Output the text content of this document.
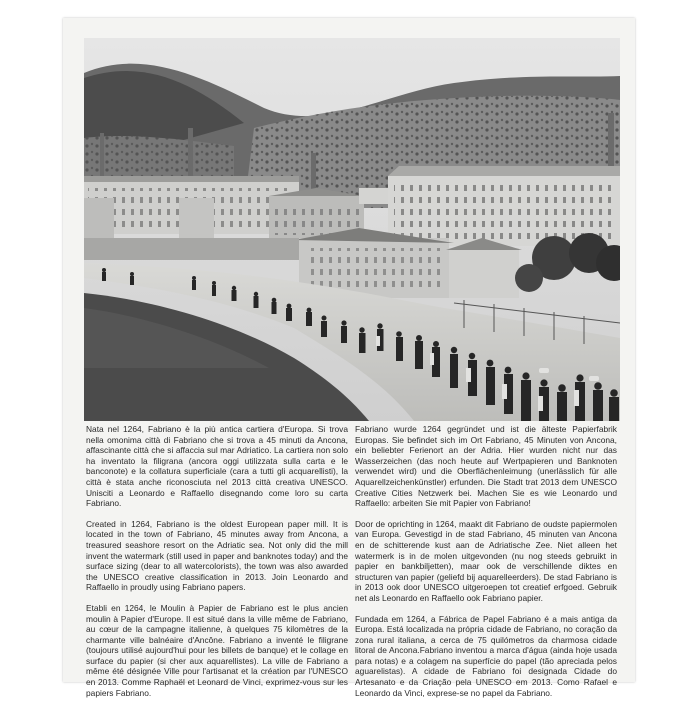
Nata nel 1264, Fabriano è la più antica cartiera d'Europa. Si trova nella omonima città di Fabriano che si trova a 45 minuti da Ancona, affascinante città che si affaccia sul mar Adriatico. La cartiera non solo ha inventato la filigrana (ancora oggi utilizzata sulla carta e le banconote) e la collatura superficiale (cara a tutti gli acquarellisti), la città è stata anche riconosciuta nel 2013 città creativa UNESCO. Unisciti a Leonardo e Raffaello disegnando come loro su carta Fabriano.

Created in 1264, Fabriano is the oldest European paper mill. It is located in the town of Fabriano, 45 minutes away from Ancona, a treasured seashore resort on the Adriatic sea. Not only did the mill invent the watermark (still used in paper and banknotes today) and the surface sizing (dear to all watercolorists), the town was also awarded the UNESCO creative classification in 2013. Join Leonardo and Raffaello in proudly using Fabriano papers.

Etabli en 1264, le Moulin à Papier de Fabriano est le plus ancien moulin à Papier d'Europe. Il est situé dans la ville même de Fabriano, au cœur de la campagne italienne, à quelques 75 kilomètres de la charmante ville balnéaire d'Ancône. Fabriano a inventé le filigrane (toujours utilisé aujourd'hui pour les billets de banque) et le collage en surface du papier (si cher aux aquarellistes). La ville de Fabriano a même été désignée Ville pour l'artisanat et la création par l'UNESCO en 2013. Comme Raphaël et Leonard de Vinci, exprimez-vous sur les papiers Fabriano.

Fabriano wurde 1264 gegründet und ist die älteste Papierfabrik Europas. Sie befindet sich im Ort Fabriano, 45 Minuten von Ancona, ein beliebter Ferienort an der Adria. Hier wurden nicht nur das Wasserzeichen (das noch heute auf Wertpapieren und Banknoten verwendet wird) und die Oberflächenleimung (unerlässlich für alle Aquarellzeichenkünstler) erfunden. Die Stadt trat 2013 dem UNESCO Creative Cities Netzwerk bei. Machen Sie es wie Leonardo und Raffaello: arbeiten Sie mit Papier von Fabriano!

Door de oprichting in 1264, maakt dit Fabriano de oudste papiermolen van Europa. Gevestigd in de stad Fabriano, 45 minuten van Ancona en de schitterende kust aan de Adriatische Zee. Niet alleen het watermerk is in de molen uitgevonden (nu nog steeds gebruikt in papier en bankbiljetten), maar ook de verschillende diktes en structuren van papier (geliefd bij aquarelleerders). De stad Fabriano is in 2013 ook door UNESCO uitgeroepen tot creatief erfgoed. Gebruik net als Leonardo en Raffaello ook Fabriano papier.

Fundada em 1264, a Fábrica de Papel Fabriano é a mais antiga da Europa. Está localizada na própria cidade de Fabriano, no coração da zona rural italiana, a cerca de 75 quilómetros da charmosa cidade litoral de Ancona.Fabriano inventou a marca d'água (ainda hoje usada para notas) e a colagem na superfície do papel (tão apreciada pelos aguarelistas). A cidade de Fabriano foi designada Cidade do Artesanato e da Criação pela UNESCO em 2013. Como Rafael e Leonardo da Vinci, exprese-se no papel da Fabriano.
